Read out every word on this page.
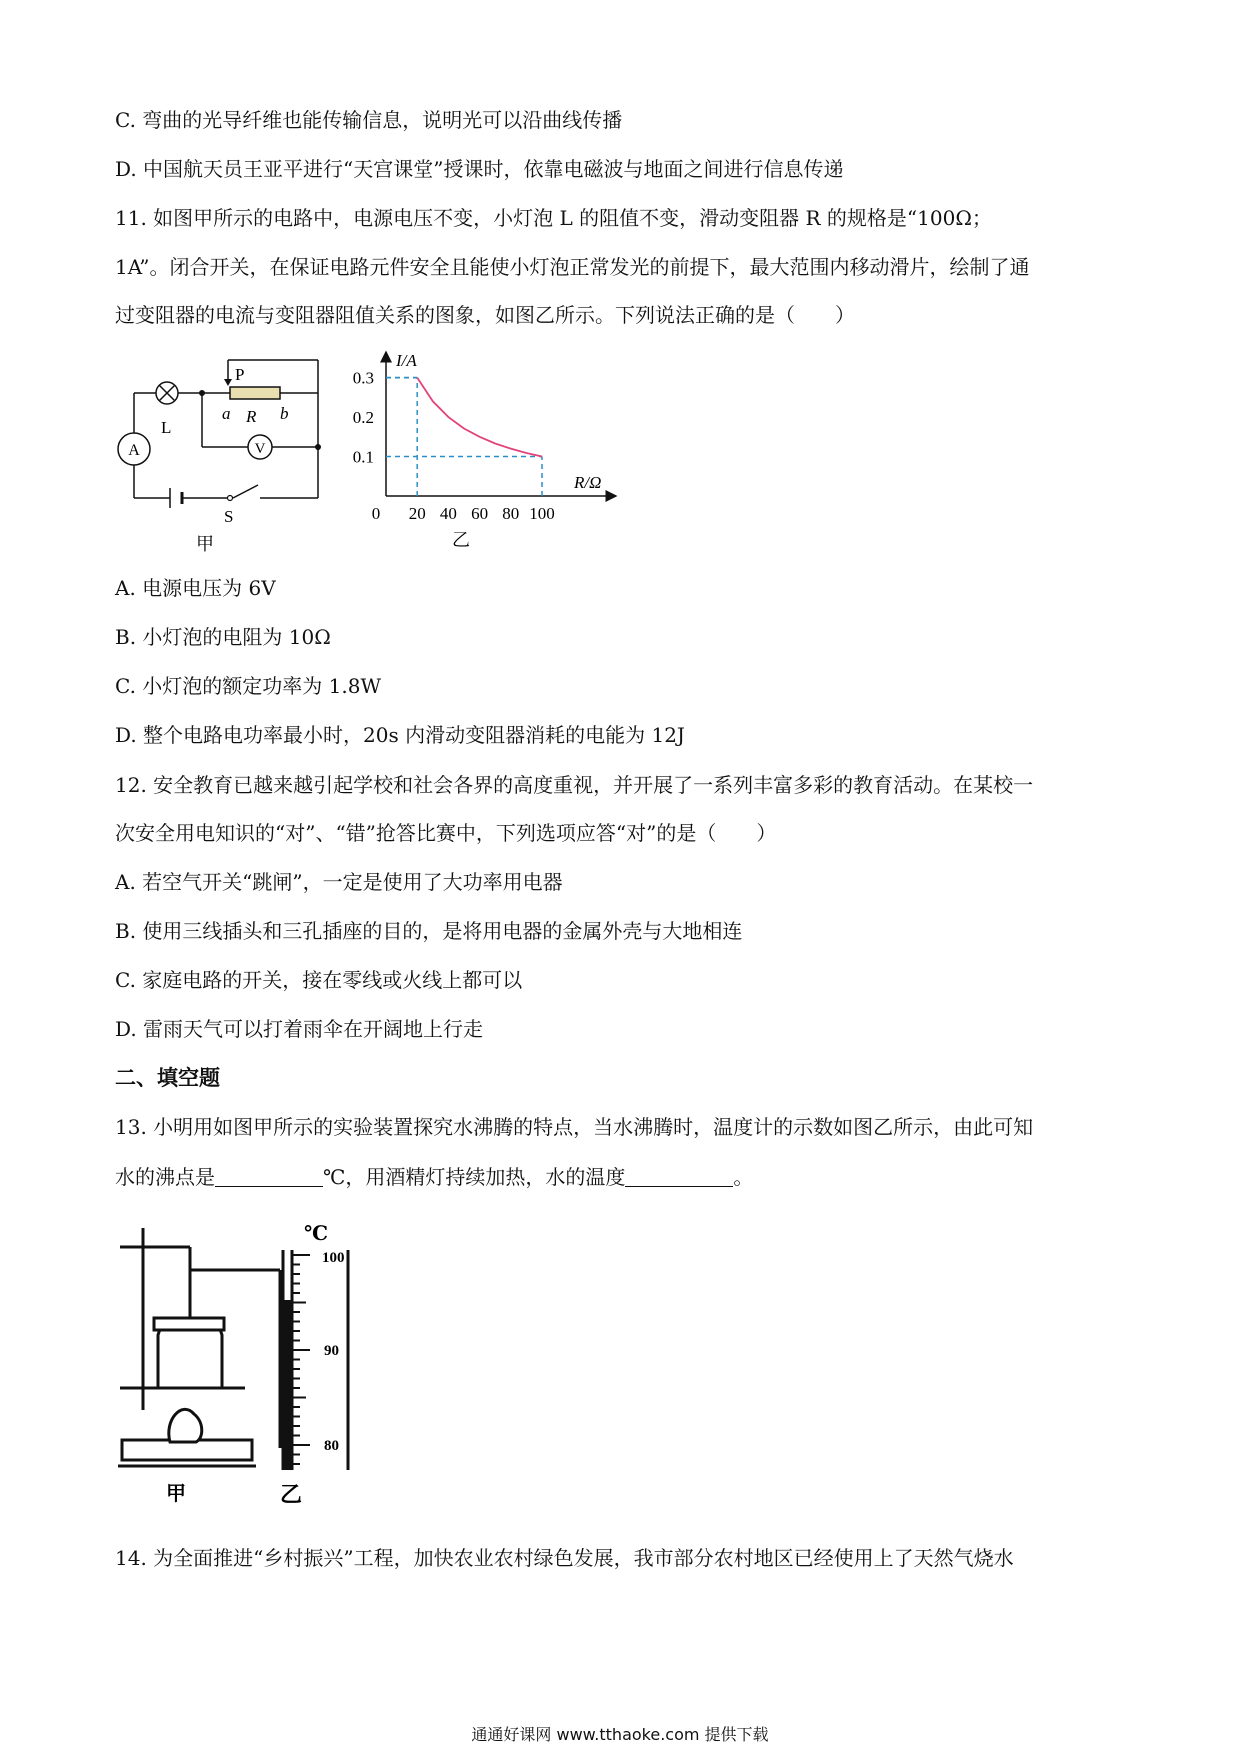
C. 弯曲的光导纤维也能传输信息，说明光可以沿曲线传播
D. 中国航天员王亚平进行“天宫课堂”授课时，依靠电磁波与地面之间进行信息传递
11. 如图甲所示的电路中，电源电压不变，小灯泡 L 的阻值不变，滑动变阻器 R 的规格是“100Ω；
1A”。闭合开关，在保证电路元件安全且能使小灯泡正常发光的前提下，最大范围内移动滑片，绘制了通
过变阻器的电流与变阻器阻值关系的图象，如图乙所示。下列说法正确的是（　　）
P
a R b
L
A	V
S
甲
20 40 60 80 100
0.1
0.2
0.3
I/A
R/Ω
0
乙
A. 电源电压为 6V
B. 小灯泡的电阻为 10Ω
C. 小灯泡的额定功率为 1.8W
D. 整个电路电功率最小时，20s 内滑动变阻器消耗的电能为 12J
12. 安全教育已越来越引起学校和社会各界的高度重视，并开展了一系列丰富多彩的教育活动。在某校一
次安全用电知识的“对”、“错”抢答比赛中，下列选项应答“对”的是（　　）
A. 若空气开关“跳闸”，一定是使用了大功率用电器
B. 使用三线插头和三孔插座的目的，是将用电器的金属外壳与大地相连
C. 家庭电路的开关，接在零线或火线上都可以
D. 雷雨天气可以打着雨伞在开阔地上行走
二、填空题
13. 小明用如图甲所示的实验装置探究水沸腾的特点，当水沸腾时，温度计的示数如图乙所示，由此可知
水的沸点是	℃，用酒精灯持续加热，水的温度	。
℃
100
90
80
甲	乙
14. 为全面推进“乡村振兴”工程，加快农业农村绿色发展，我市部分农村地区已经使用上了天然气烧水
通通好课网 www.tthaoke.com 提供下载
